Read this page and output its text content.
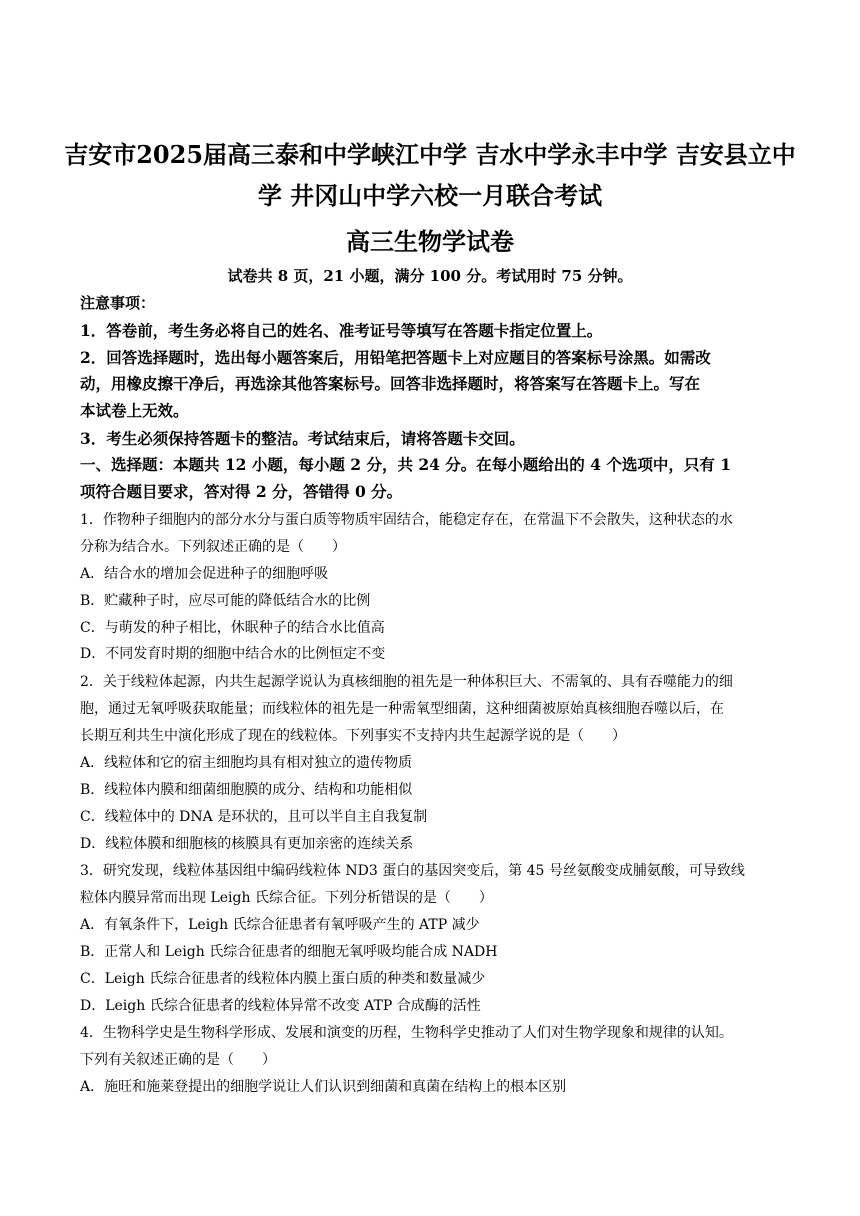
吉安市2025届高三泰和中学峡江中学 吉水中学永丰中学 吉安县立中
学 井冈山中学六校一月联合考试
高三生物学试卷
试卷共 8 页，21 小题，满分 100 分。考试用时 75 分钟。
注意事项：
1．答卷前，考生务必将自己的姓名、准考证号等填写在答题卡指定位置上。
2．回答选择题时，选出每小题答案后，用铅笔把答题卡上对应题目的答案标号涂黑。如需改
动，用橡皮擦干净后，再选涂其他答案标号。回答非选择题时，将答案写在答题卡上。写在
本试卷上无效。
3．考生必须保持答题卡的整洁。考试结束后，请将答题卡交回。
一、选择题：本题共 12 小题，每小题 2 分，共 24 分。在每小题给出的 4 个选项中，只有 1
项符合题目要求，答对得 2 分，答错得 0 分。
1．作物种子细胞内的部分水分与蛋白质等物质牢固结合，能稳定存在，在常温下不会散失，这种状态的水
分称为结合水。下列叙述正确的是（　　）
A．结合水的增加会促进种子的细胞呼吸
B．贮藏种子时，应尽可能的降低结合水的比例
C．与萌发的种子相比，休眠种子的结合水比值高
D．不同发育时期的细胞中结合水的比例恒定不变
2．关于线粒体起源，内共生起源学说认为真核细胞的祖先是一种体积巨大、不需氧的、具有吞噬能力的细
胞，通过无氧呼吸获取能量；而线粒体的祖先是一种需氧型细菌，这种细菌被原始真核细胞吞噬以后，在
长期互利共生中演化形成了现在的线粒体。下列事实不支持内共生起源学说的是（　　）
A．线粒体和它的宿主细胞均具有相对独立的遗传物质
B．线粒体内膜和细菌细胞膜的成分、结构和功能相似
C．线粒体中的 DNA 是环状的，且可以半自主自我复制
D．线粒体膜和细胞核的核膜具有更加亲密的连续关系
3．研究发现，线粒体基因组中编码线粒体 ND3 蛋白的基因突变后，第 45 号丝氨酸变成脯氨酸，可导致线
粒体内膜异常而出现 Leigh 氏综合征。下列分析错误的是（　　）
A．有氧条件下，Leigh 氏综合征患者有氧呼吸产生的 ATP 减少
B．正常人和 Leigh 氏综合征患者的细胞无氧呼吸均能合成 NADH
C．Leigh 氏综合征患者的线粒体内膜上蛋白质的种类和数量减少
D．Leigh 氏综合征患者的线粒体异常不改变 ATP 合成酶的活性
4．生物科学史是生物科学形成、发展和演变的历程，生物科学史推动了人们对生物学现象和规律的认知。
下列有关叙述正确的是（　　）
A．施旺和施莱登提出的细胞学说让人们认识到细菌和真菌在结构上的根本区别
